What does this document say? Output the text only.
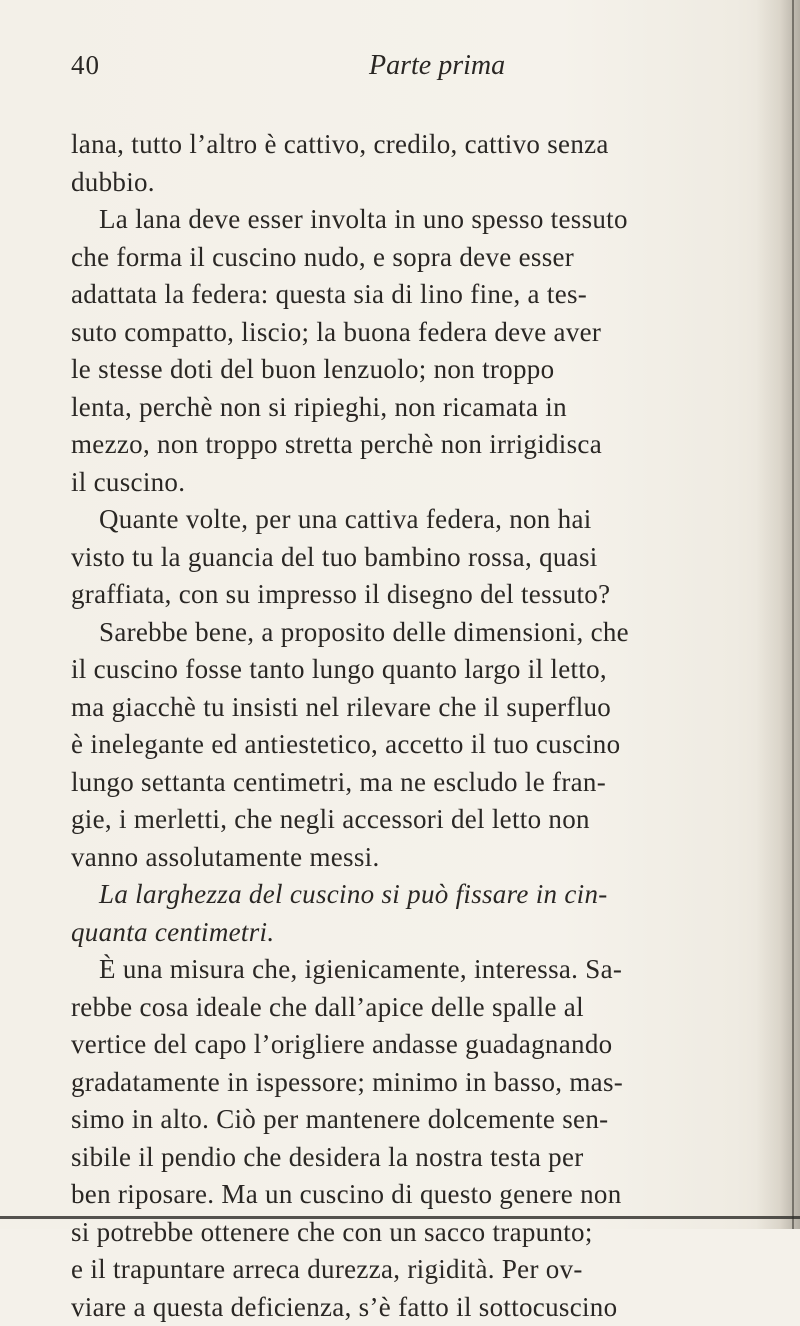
40	Parte prima
lana, tutto l’altro è cattivo, credilo, cattivo senza
dubbio.
La lana deve esser involta in uno spesso tessuto
che forma il cuscino nudo, e sopra deve esser
adattata la federa: questa sia di lino fine, a tes-
suto compatto, liscio; la buona federa deve aver
le stesse doti del buon lenzuolo; non troppo
lenta, perchè non si ripieghi, non ricamata in
mezzo, non troppo stretta perchè non irrigidisca
il cuscino.
Quante volte, per una cattiva federa, non hai
visto tu la guancia del tuo bambino rossa, quasi
graffiata, con su impresso il disegno del tessuto?
Sarebbe bene, a proposito delle dimensioni, che
il cuscino fosse tanto lungo quanto largo il letto,
ma giacchè tu insisti nel rilevare che il superfluo
è inelegante ed antiestetico, accetto il tuo cuscino
lungo settanta centimetri, ma ne escludo le fran-
gie, i merletti, che negli accessori del letto non
vanno assolutamente messi.
La larghezza del cuscino si può fissare in cin-
quanta centimetri.
È una misura che, igienicamente, interessa. Sa-
rebbe cosa ideale che dall’apice delle spalle al
vertice del capo l’origliere andasse guadagnando
gradatamente in ispessore; minimo in basso, mas-
simo in alto. Ciò per mantenere dolcemente sen-
sibile il pendio che desidera la nostra testa per
ben riposare. Ma un cuscino di questo genere non
si potrebbe ottenere che con un sacco trapunto;
e il trapuntare arreca durezza, rigidità. Per ov-
viare a questa deficienza, s’è fatto il sottocuscino
